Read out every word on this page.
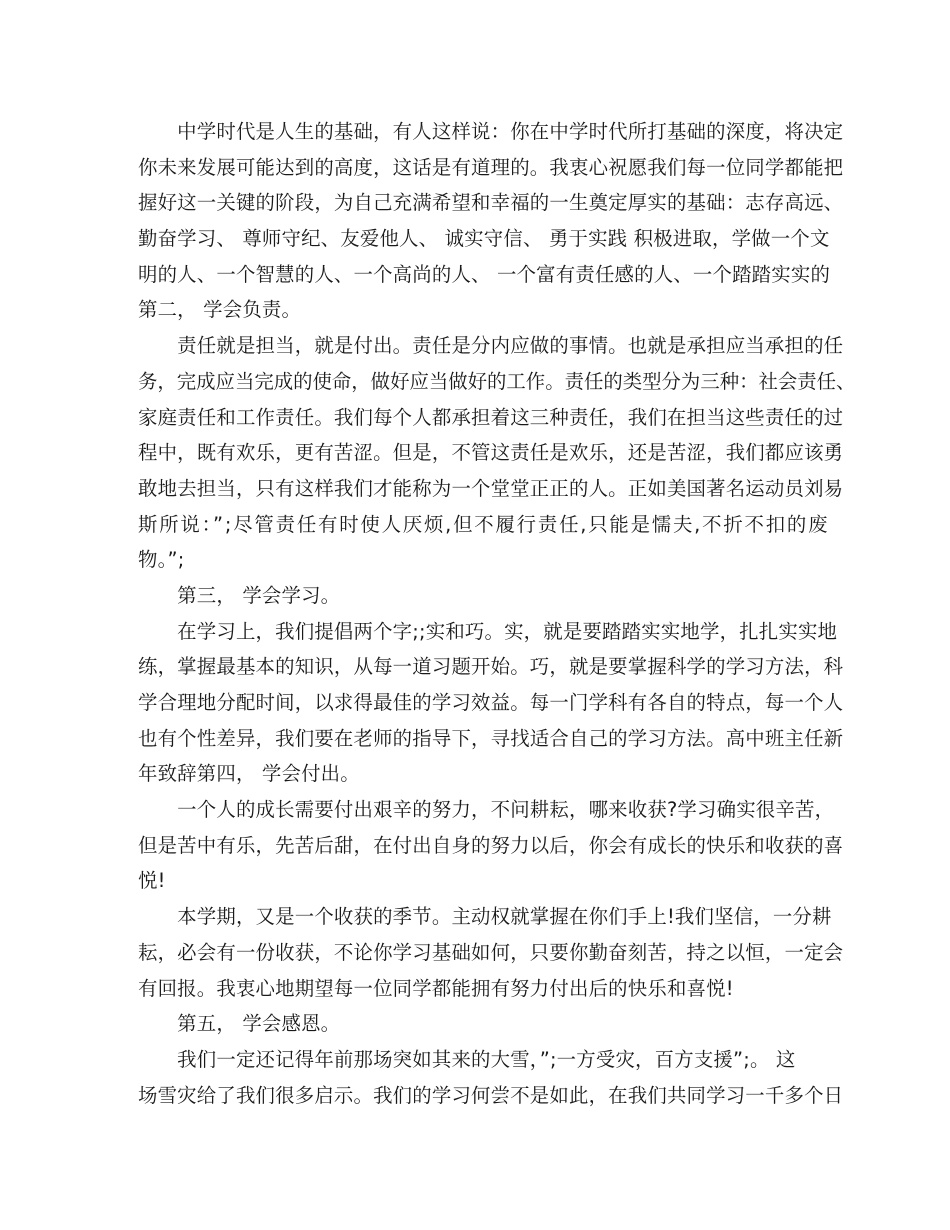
　　中学时代是人生的基础，有人这样说：你在中学时代所打基础的深度，将决定
你未来发展可能达到的高度，这话是有道理的。我衷心祝愿我们每一位同学都能把
握好这一关键的阶段，为自己充满希望和幸福的一生奠定厚实的基础：志存高远、
勤奋学习、 尊师守纪、友爱他人、 诚实守信、 勇于实践 积极进取，学做一个文
明的人、一个智慧的人、一个高尚的人、 一个富有责任感的人、一个踏踏实实的
第二， 学会负责。
　　责任就是担当，就是付出。责任是分内应做的事情。也就是承担应当承担的任
务，完成应当完成的使命，做好应当做好的工作。责任的类型分为三种：社会责任、
家庭责任和工作责任。我们每个人都承担着这三种责任，我们在担当这些责任的过
程中，既有欢乐，更有苦涩。但是，不管这责任是欢乐，还是苦涩，我们都应该勇
敢地去担当，只有这样我们才能称为一个堂堂正正的人。正如美国著名运动员刘易
斯所说：”;尽管责任有时使人厌烦,但不履行责任,只能是懦夫,不折不扣的废
物。”;
　　第三， 学会学习。
　　在学习上，我们提倡两个字;;实和巧。实，就是要踏踏实实地学，扎扎实实地
练，掌握最基本的知识，从每一道习题开始。巧，就是要掌握科学的学习方法，科
学合理地分配时间，以求得最佳的学习效益。每一门学科有各自的特点，每一个人
也有个性差异，我们要在老师的指导下，寻找适合自己的学习方法。高中班主任新
年致辞第四， 学会付出。
　　一个人的成长需要付出艰辛的努力，不问耕耘，哪来收获?学习确实很辛苦，
但是苦中有乐，先苦后甜，在付出自身的努力以后，你会有成长的快乐和收获的喜
悦!
　　本学期，又是一个收获的季节。主动权就掌握在你们手上!我们坚信，一分耕
耘，必会有一份收获，不论你学习基础如何，只要你勤奋刻苦，持之以恒，一定会
有回报。我衷心地期望每一位同学都能拥有努力付出后的快乐和喜悦!
　　第五， 学会感恩。
　　我们一定还记得年前那场突如其来的大雪，”;一方受灾，百方支援”;。 这
场雪灾给了我们很多启示。我们的学习何尝不是如此，在我们共同学习一千多个日
